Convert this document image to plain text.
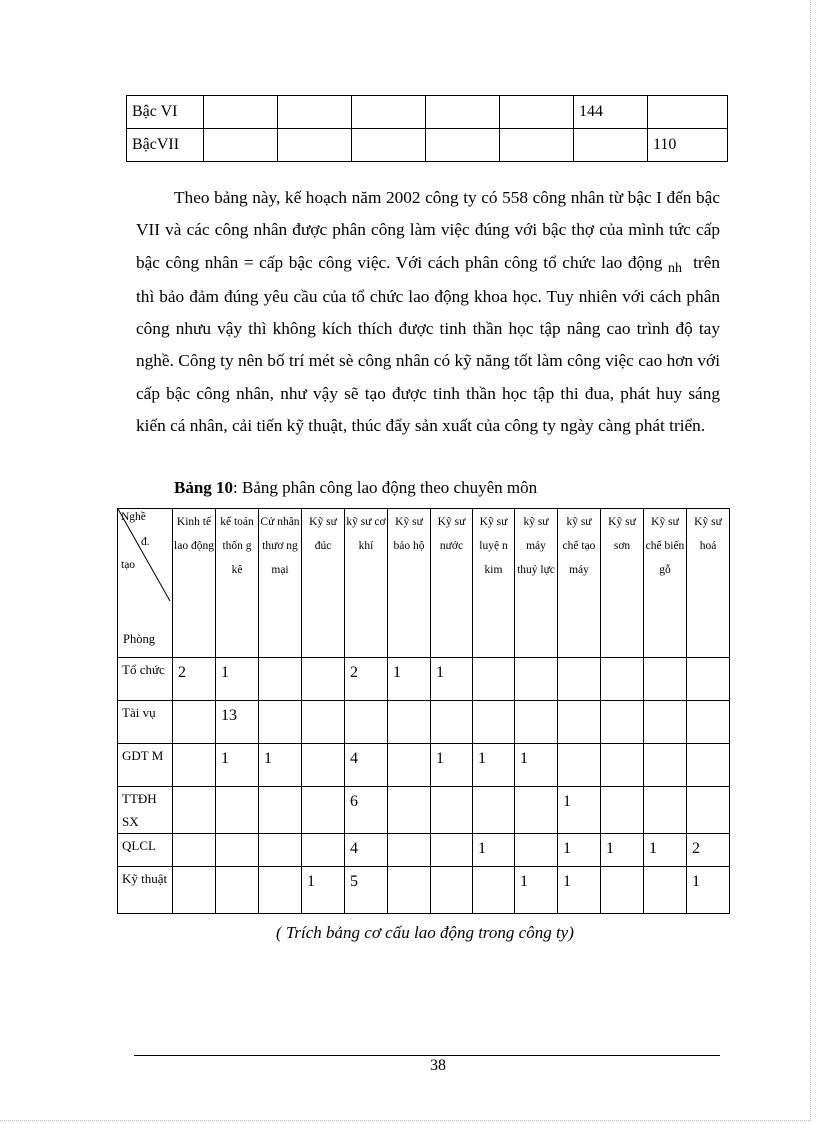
Bậc VI						144	
BậcVII							110
Theo bảng này, kế hoạch năm 2002 công ty có 558 công nhân từ bậc I đến bậc VII và các công nhân được phân công làm việc đúng với bậc thợ của mình tức cấp bậc công nhân = cấp bậc công việc. Với cách phân công tổ chức lao động $_{nh}$ trên thì bảo đảm đúng yêu cầu của tổ chức lao động khoa học. Tuy nhiên với cách phân công nhưu vậy thì không kích thích được tinh thần học tập nâng cao trình độ tay nghề. Công ty nên bố trí mét sè công nhân có kỹ năng tốt làm công việc cao hơn với cấp bậc công nhân, như vậy sẽ tạo được tinh thần học tập thi đua, phát huy sáng kiến cá nhân, cải tiến kỹ thuật, thúc đẩy sản xuất của công ty ngày càng phát triển.
Bảng 10: Bảng phân công lao động theo chuyên môn
Nghề
đ.
tạo
Phòng	Kinh tế lao động	kế toán thốn g kê	Cử nhân thươ ng mại	Kỹ sư đúc	kỹ sư cơ khí	Kỹ sư bảo hộ	Kỹ sư nước	Kỹ sư luyệ n kim	kỹ sư máy thuỷ lực	kỹ sư chế tạo máy	Kỹ sư sơn	Kỹ sư chế biến gỗ	Kỹ sư hoá
Tổ chức	2	1			2	1	1						
Tài vụ		13											
GDT M		1	1		4		1	1	1				
TTĐH SX					6					1			
QLCL					4			1		1	1	1	2
Kỹ thuật				1	5				1	1			1
( Trích bảng cơ cấu lao động trong công ty)
38
